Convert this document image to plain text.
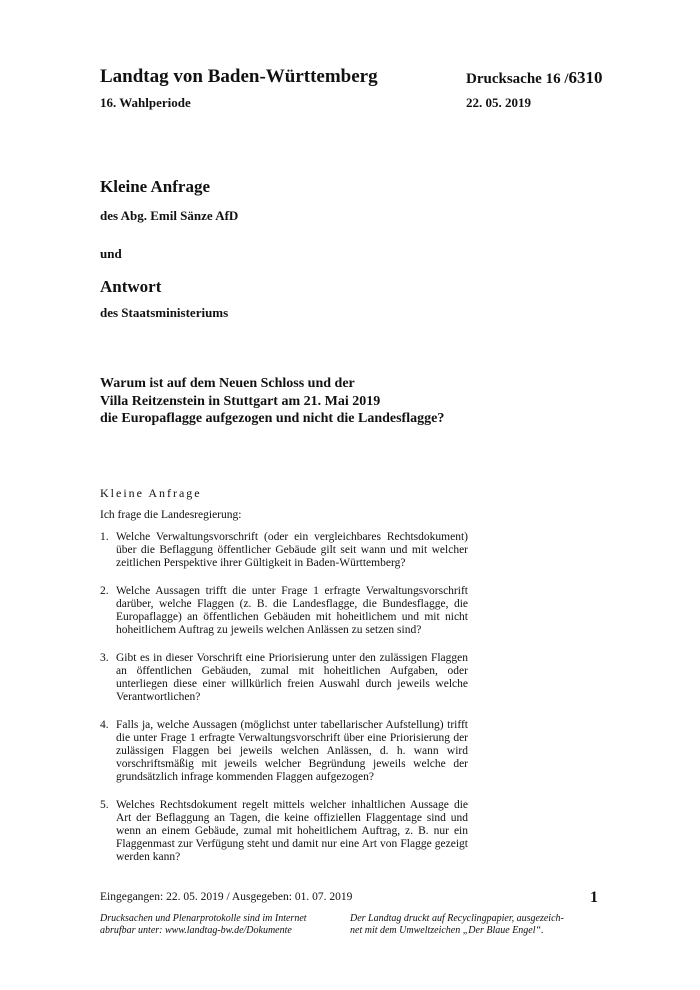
Landtag von Baden-Württemberg
16. Wahlperiode
Drucksache 16 /6310
22. 05. 2019
Kleine Anfrage
des Abg. Emil Sänze AfD
und
Antwort
des Staatsministeriums
Warum ist auf dem Neuen Schloss und der
Villa Reitzenstein in Stuttgart am 21. Mai 2019
die Europaflagge aufgezogen und nicht die Landesflagge?
Kleine Anfrage
Ich frage die Landesregierung:
1. Welche Verwaltungsvorschrift (oder ein vergleichbares Rechtsdokument) über die Beflaggung öffentlicher Gebäude gilt seit wann und mit welcher zeitlichen Perspektive ihrer Gültigkeit in Baden-Württemberg?
2. Welche Aussagen trifft die unter Frage 1 erfragte Verwaltungsvorschrift darüber, welche Flaggen (z. B. die Landesflagge, die Bundesflagge, die Europaflagge) an öffentlichen Gebäuden mit hoheitlichem und mit nicht hoheitlichem Auftrag zu jeweils welchen Anlässen zu setzen sind?
3. Gibt es in dieser Vorschrift eine Priorisierung unter den zulässigen Flaggen an öffentlichen Gebäuden, zumal mit hoheitlichen Aufgaben, oder unterliegen diese einer willkürlich freien Auswahl durch jeweils welche Verantwortlichen?
4. Falls ja, welche Aussagen (möglichst unter tabellarischer Aufstellung) trifft die unter Frage 1 erfragte Verwaltungsvorschrift über eine Priorisierung der zulässigen Flaggen bei jeweils welchen Anlässen, d. h. wann wird vorschriftsmäßig mit jeweils welcher Begründung jeweils welche der grundsätzlich infrage kommenden Flaggen aufgezogen?
5. Welches Rechtsdokument regelt mittels welcher inhaltlichen Aussage die Art der Beflaggung an Tagen, die keine offiziellen Flaggentage sind und wenn an einem Gebäude, zumal mit hoheitlichem Auftrag, z. B. nur ein Flaggenmast zur Verfügung steht und damit nur eine Art von Flagge gezeigt werden kann?
Eingegangen: 22. 05. 2019 / Ausgegeben: 01. 07. 2019	1
Drucksachen und Plenarprotokolle sind im Internet
abrufbar unter: www.landtag-bw.de/Dokumente
Der Landtag druckt auf Recyclingpapier, ausgezeich-
net mit dem Umweltzeichen „Der Blaue Engel“.
